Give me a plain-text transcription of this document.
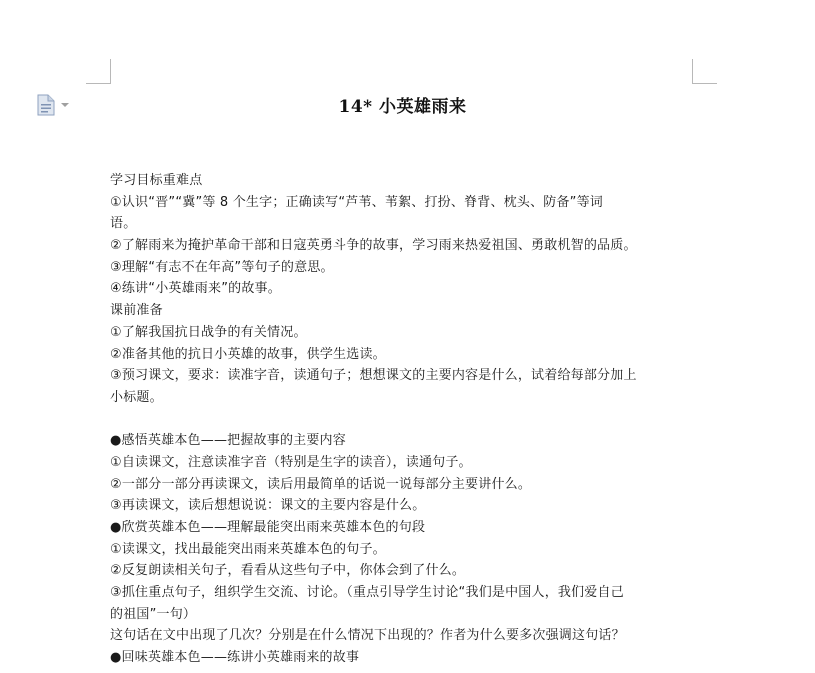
14* 小英雄雨来
学习目标重难点
①认识“晋”“冀”等 8 个生字；正确读写“芦苇、苇絮、打扮、脊背、枕头、防备”等词
语。
②了解雨来为掩护革命干部和日寇英勇斗争的故事，学习雨来热爱祖国、勇敢机智的品质。
③理解“有志不在年高”等句子的意思。
④练讲“小英雄雨来”的故事。
课前准备
①了解我国抗日战争的有关情况。
②准备其他的抗日小英雄的故事，供学生选读。
③预习课文，要求：读准字音，读通句子；想想课文的主要内容是什么，试着给每部分加上
小标题。
●感悟英雄本色——把握故事的主要内容
①自读课文，注意读准字音（特别是生字的读音），读通句子。
②一部分一部分再读课文，读后用最简单的话说一说每部分主要讲什么。
③再读课文，读后想想说说：课文的主要内容是什么。
●欣赏英雄本色——理解最能突出雨来英雄本色的句段
①读课文，找出最能突出雨来英雄本色的句子。
②反复朗读相关句子，看看从这些句子中，你体会到了什么。
③抓住重点句子，组织学生交流、讨论。（重点引导学生讨论“我们是中国人，我们爱自己
的祖国”一句）
这句话在文中出现了几次？分别是在什么情况下出现的？作者为什么要多次强调这句话？
●回味英雄本色——练讲小英雄雨来的故事
